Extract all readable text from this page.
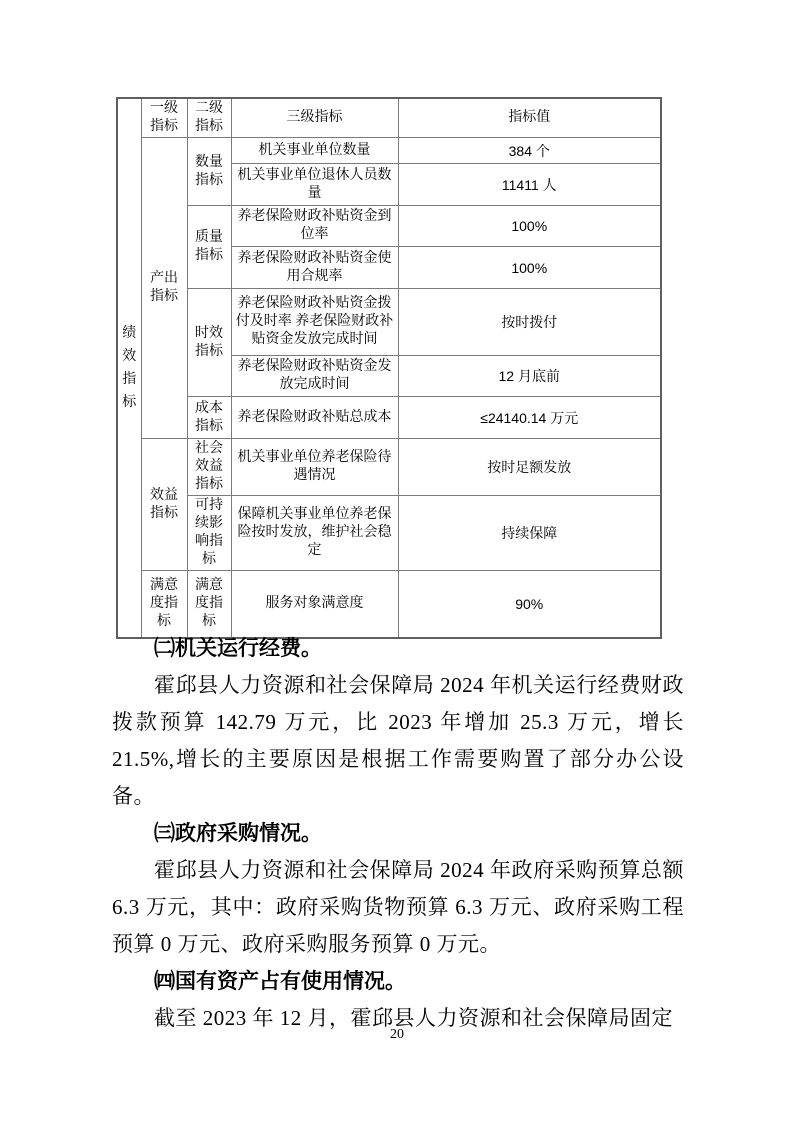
绩效指标	一级指标	二级指标	三级指标	指标值
	产出指标	数量指标	机关事业单位数量	384 个
			机关事业单位退休人员数量	11411 人
		质量指标	养老保险财政补贴资金到位率	100%
			养老保险财政补贴资金使用合规率	100%
		时效指标	养老保险财政补贴资金拨付及时率 养老保险财政补贴资金发放完成时间	按时拨付
			养老保险财政补贴资金发放完成时间	12 月底前
		成本指标	养老保险财政补贴总成本	≤24140.14 万元
	效益指标	社会效益指标	机关事业单位养老保险待遇情况	按时足额发放
		可持续影响指标	保障机关事业单位养老保险按时发放，维护社会稳定	持续保障
	满意度指标	满意度指标	服务对象满意度	90%
㈡机关运行经费。

霍邱县人力资源和社会保障局 2024 年机关运行经费财政拨款预算 142.79 万元，比 2023 年增加 25.3 万元，增长 21.5%,增长的主要原因是根据工作需要购置了部分办公设备。

㈢政府采购情况。

霍邱县人力资源和社会保障局 2024 年政府采购预算总额 6.3 万元，其中：政府采购货物预算 6.3 万元、政府采购工程预算 0 万元、政府采购服务预算 0 万元。

㈣国有资产占有使用情况。

截至 2023 年 12 月，霍邱县人力资源和社会保障局固定

20
